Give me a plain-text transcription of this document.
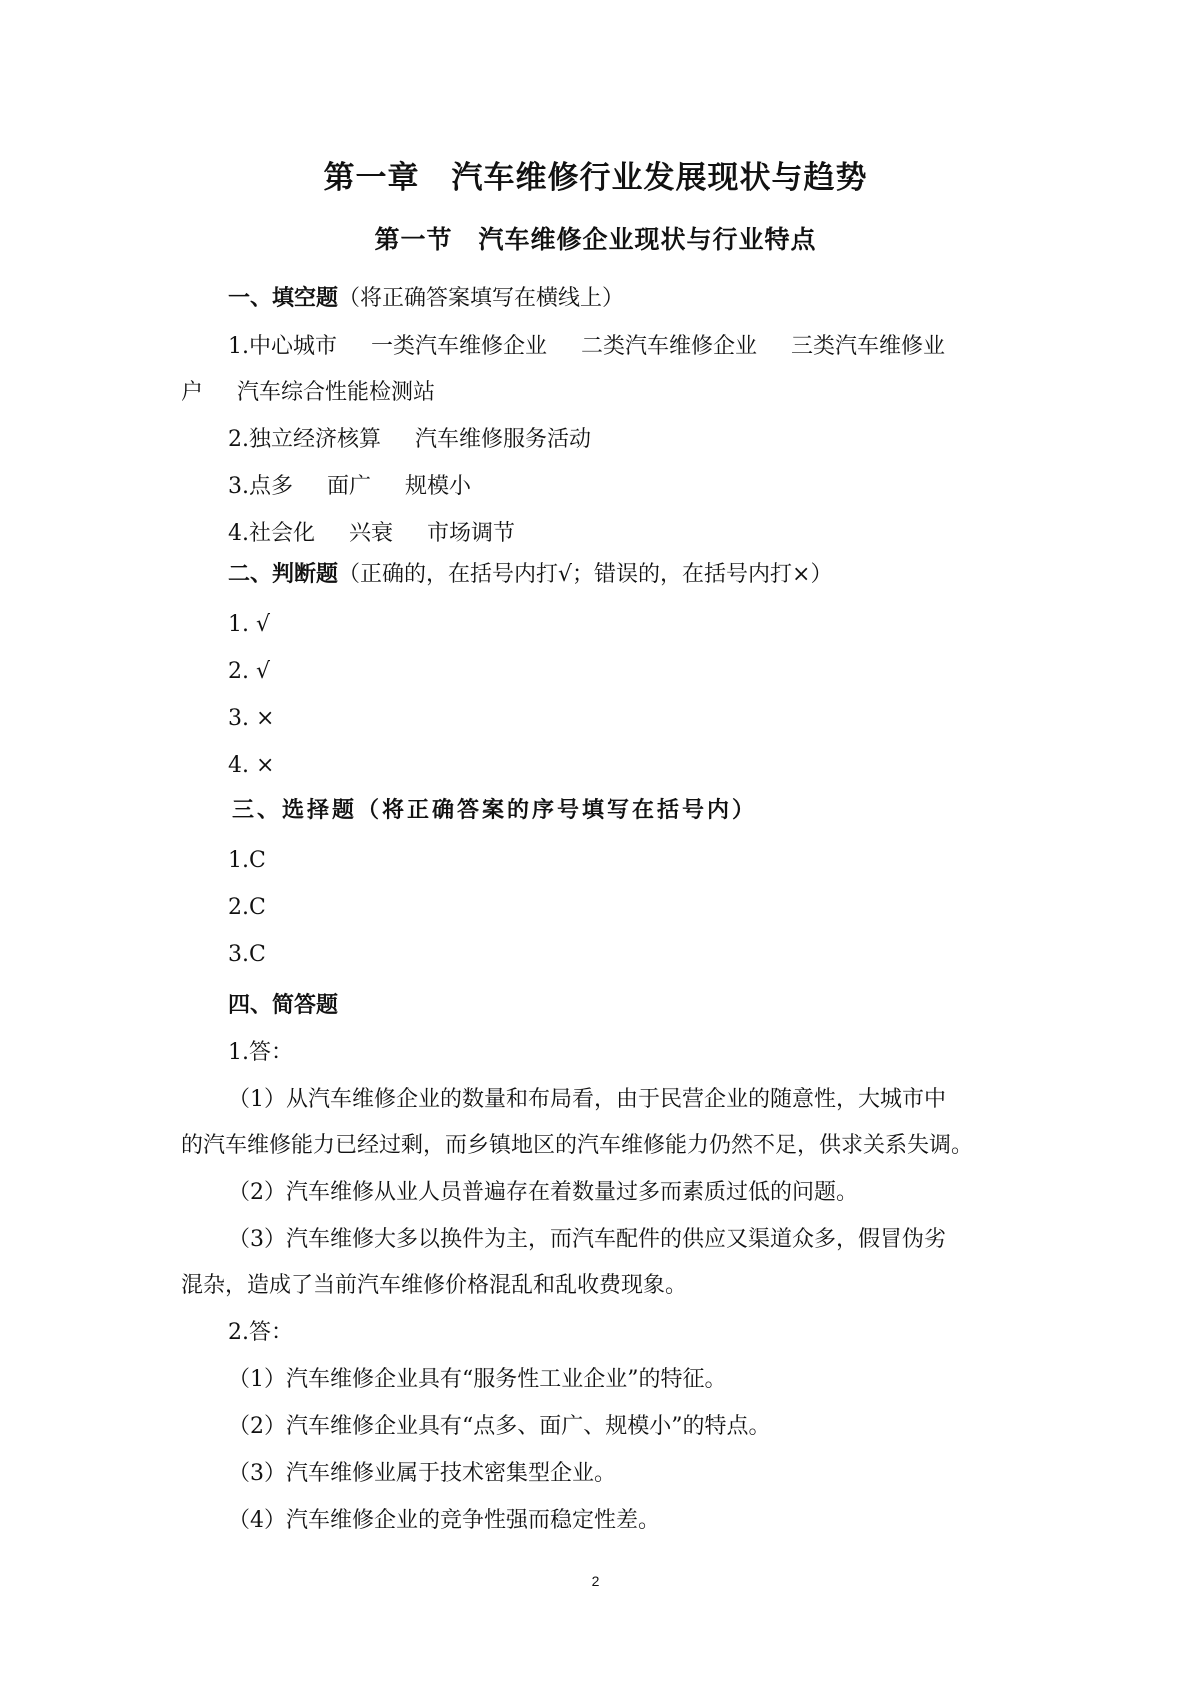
第一章　汽车维修行业发展现状与趋势
第一节　汽车维修企业现状与行业特点
一、填空题（将正确答案填写在横线上）
1.中心城市 一类汽车维修企业 二类汽车维修企业 三类汽车维修业
户 汽车综合性能检测站
2.独立经济核算 汽车维修服务活动
3.点多 面广 规模小
4.社会化 兴衰 市场调节
二、判断题（正确的，在括号内打√；错误的，在括号内打×）
1. √
2. √
3. ×
4. ×
三、选择题（将正确答案的序号填写在括号内）
1.C
2.C
3.C
四、简答题
1.答：
（1）从汽车维修企业的数量和布局看，由于民营企业的随意性，大城市中
的汽车维修能力已经过剩，而乡镇地区的汽车维修能力仍然不足，供求关系失调。
（2）汽车维修从业人员普遍存在着数量过多而素质过低的问题。
（3）汽车维修大多以换件为主，而汽车配件的供应又渠道众多，假冒伪劣
混杂，造成了当前汽车维修价格混乱和乱收费现象。
2.答：
（1）汽车维修企业具有“服务性工业企业”的特征。
（2）汽车维修企业具有“点多、面广、规模小”的特点。
（3）汽车维修业属于技术密集型企业。
（4）汽车维修企业的竞争性强而稳定性差。
2
